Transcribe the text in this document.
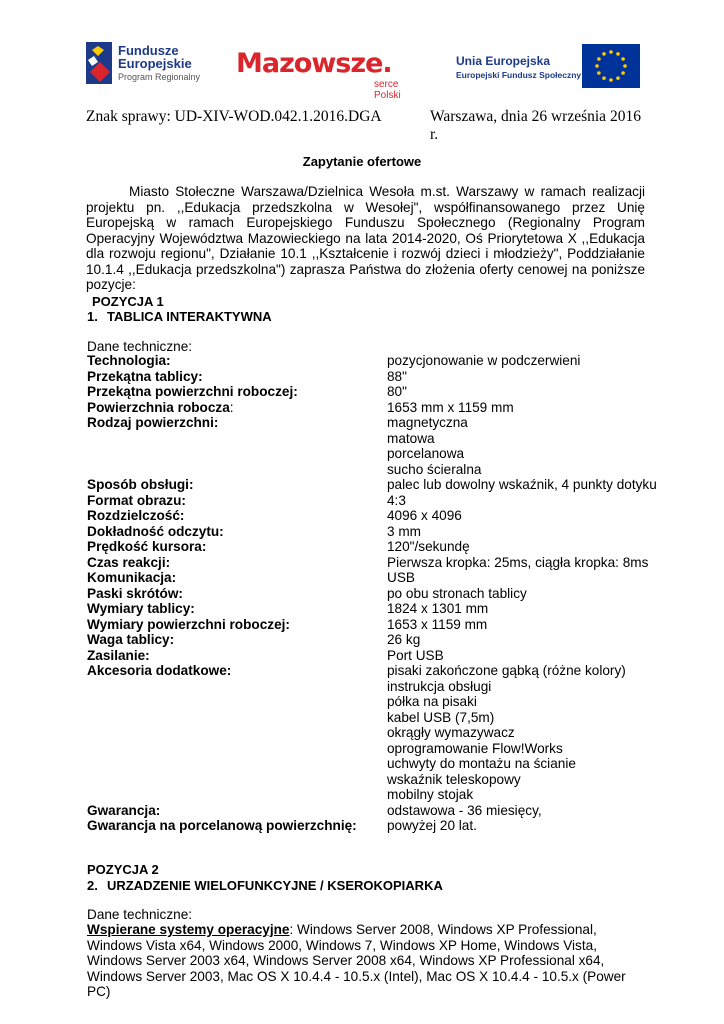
Fundusze
Europejskie
Program Regionalny Mazowsze.
serce Polski
Unia Europejska
Europejski Fundusz Społeczny
Znak sprawy: UD-XIV-WOD.042.1.2016.DGA	Warszawa, dnia 26 września 2016 r.
Zapytanie ofertowe

Miasto Stołeczne Warszawa/Dzielnica Wesoła m.st. Warszawy w ramach realizacji projektu pn. ,,Edukacja przedszkolna w Wesołej", współfinansowanego przez Unię Europejską w ramach Europejskiego Funduszu Społecznego (Regionalny Program Operacyjny Województwa Mazowieckiego na lata 2014-2020, Oś Priorytetowa X ,,Edukacja dla rozwoju regionu", Działanie 10.1 ,,Kształcenie i rozwój dzieci i młodzieży", Poddziałanie 10.1.4 ,,Edukacja przedszkolna") zaprasza Państwa do złożenia oferty cenowej na poniższe pozycje:

POZYCJA 1
1. TABLICA INTERAKTYWNA
Dane techniczne:
Technologia:	pozycjonowanie w podczerwieni
Przekątna tablicy:	88"
Przekątna powierzchni roboczej:	80"
Powierzchnia robocza:	1653 mm x 1159 mm
Rodzaj powierzchni:	magnetyczna
matowa
porcelanowa
sucho ścieralna
Sposób obsługi:	palec lub dowolny wskaźnik, 4 punkty dotyku
Format obrazu:	4:3
Rozdzielczość:	4096 x 4096
Dokładność odczytu:	3 mm
Prędkość kursora:	120"/sekundę
Czas reakcji:	Pierwsza kropka: 25ms, ciągła kropka: 8ms
Komunikacja:	USB
Paski skrótów:	po obu stronach tablicy
Wymiary tablicy:	1824 x 1301 mm
Wymiary powierzchni roboczej:	1653 x 1159 mm
Waga tablicy:	26 kg
Zasilanie:	Port USB
Akcesoria dodatkowe:	pisaki zakończone gąbką (różne kolory)
instrukcja obsługi
półka na pisaki
kabel USB (7,5m)
okrągły wymazywacz
oprogramowanie Flow!Works
uchwyty do montażu na ścianie
wskaźnik teleskopowy
mobilny stojak
Gwarancja:	odstawowa - 36 miesięcy,
Gwarancja na porcelanową powierzchnię:	powyżej 20 lat.
POZYCJA 2
2. URZADZENIE WIELOFUNKCYJNE / KSEROKOPIARKA
Dane techniczne:
Wspierane systemy operacyjne: Windows Server 2008, Windows XP Professional, Windows Vista x64, Windows 2000, Windows 7, Windows XP Home, Windows Vista, Windows Server 2003 x64, Windows Server 2008 x64, Windows XP Professional x64, Windows Server 2003, Mac OS X 10.4.4 - 10.5.x (Intel), Mac OS X 10.4.4 - 10.5.x (Power PC)
